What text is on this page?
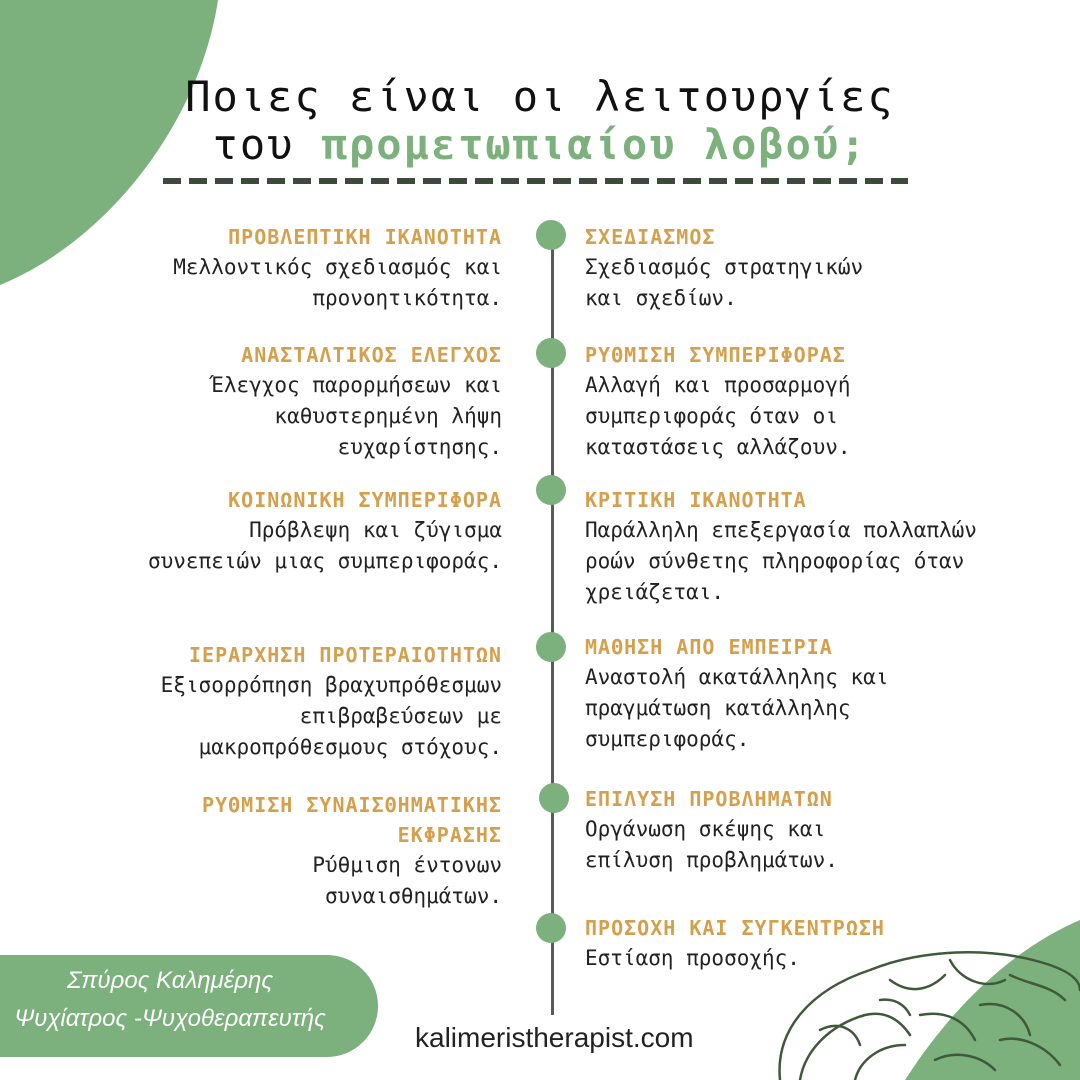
Ποιες είναι οι λειτουργίες
του προμετωπιαίου λοβού;
ΠΡΟΒΛΕΠΤΙΚΗ ΙΚΑΝΟΤΗΤΑ
Μελλοντικός σχεδιασμός και
προνοητικότητα.
ΑΝΑΣΤΑΛΤΙΚΟΣ ΕΛΕΓΧΟΣ
Έλεγχος παρορμήσεων και
καθυστερημένη λήψη
ευχαρίστησης.
ΚΟΙΝΩΝΙΚΗ ΣΥΜΠΕΡΙΦΟΡΑ
Πρόβλεψη και ζύγισμα
συνεπειών μιας συμπεριφοράς.
ΙΕΡΑΡΧΗΣΗ ΠΡΟΤΕΡΑΙΟΤΗΤΩΝ
Εξισορρόπηση βραχυπρόθεσμων
επιβραβεύσεων με
μακροπρόθεσμους στόχους.
ΡΥΘΜΙΣΗ ΣΥΝΑΙΣΘΗΜΑΤΙΚΗΣ
ΕΚΦΡΑΣΗΣ
Ρύθμιση έντονων
συναισθημάτων.
ΣΧΕΔΙΑΣΜΟΣ
Σχεδιασμός στρατηγικών
και σχεδίων.
ΡΥΘΜΙΣΗ ΣΥΜΠΕΡΙΦΟΡΑΣ
Αλλαγή και προσαρμογή
συμπεριφοράς όταν οι
καταστάσεις αλλάζουν.
ΚΡΙΤΙΚΗ ΙΚΑΝΟΤΗΤΑ
Παράλληλη επεξεργασία πολλαπλών
ροών σύνθετης πληροφορίας όταν
χρειάζεται.
ΜΑΘΗΣΗ ΑΠΟ ΕΜΠΕΙΡΙΑ
Αναστολή ακατάλληλης και
πραγμάτωση κατάλληλης
συμπεριφοράς.
ΕΠΙΛΥΣΗ ΠΡΟΒΛΗΜΑΤΩΝ
Οργάνωση σκέψης και
επίλυση προβλημάτων.
ΠΡΟΣΟΧΗ ΚΑΙ ΣΥΓΚΕΝΤΡΩΣΗ
Εστίαση προσοχής.
Σπύρος Καλημέρης
Ψυχίατρος -Ψυχοθεραπευτής
kalimeristherapist.com
